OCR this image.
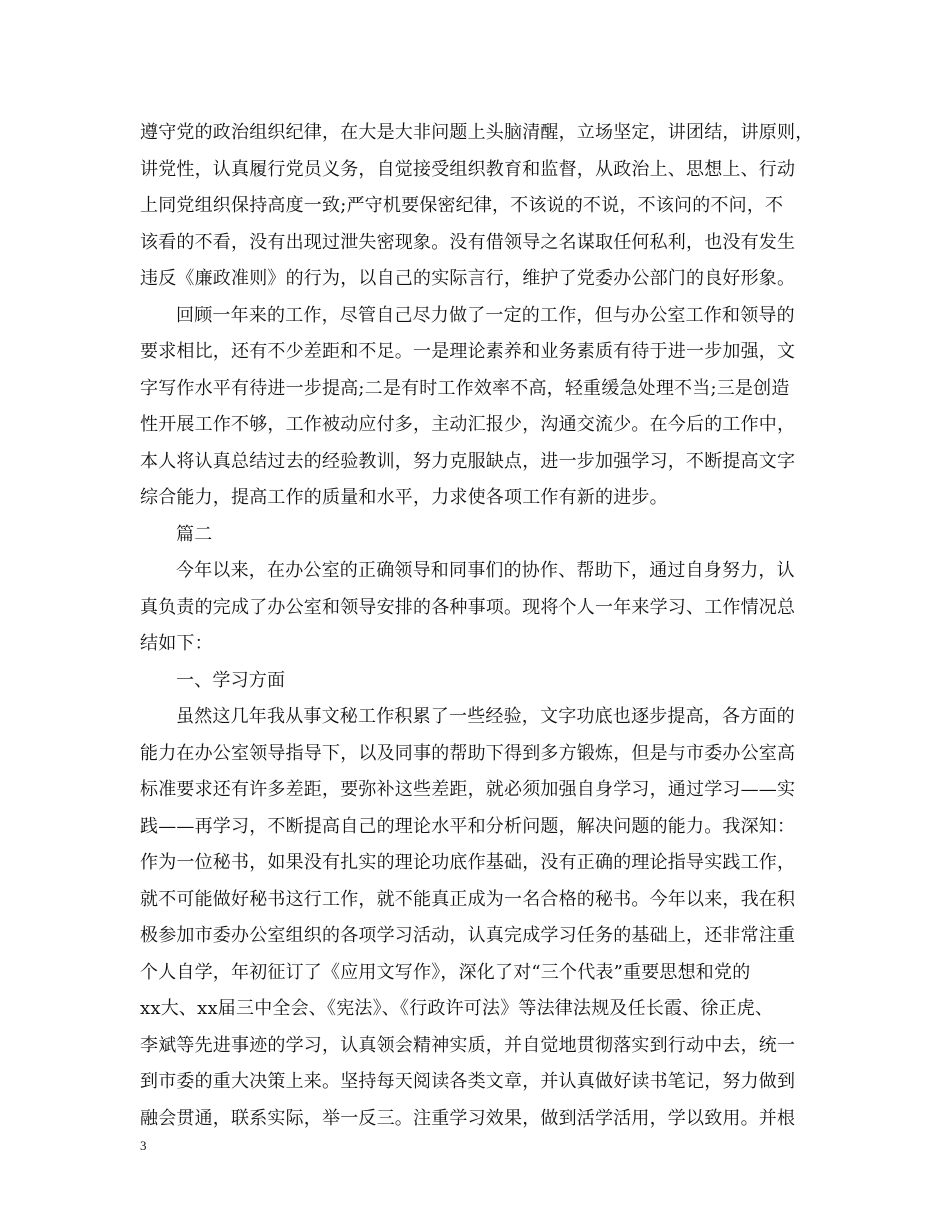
遵守党的政治组织纪律，在大是大非问题上头脑清醒，立场坚定，讲团结，讲原则，
讲党性，认真履行党员义务，自觉接受组织教育和监督，从政治上、思想上、行动
上同党组织保持高度一致;严守机要保密纪律，不该说的不说，不该问的不问，不
该看的不看，没有出现过泄失密现象。没有借领导之名谋取任何私利，也没有发生
违反《廉政准则》的行为，以自己的实际言行，维护了党委办公部门的良好形象。
回顾一年来的工作，尽管自己尽力做了一定的工作，但与办公室工作和领导的
要求相比，还有不少差距和不足。一是理论素养和业务素质有待于进一步加强，文
字写作水平有待进一步提高;二是有时工作效率不高，轻重缓急处理不当;三是创造
性开展工作不够，工作被动应付多，主动汇报少，沟通交流少。在今后的工作中，
本人将认真总结过去的经验教训，努力克服缺点，进一步加强学习，不断提高文字
综合能力，提高工作的质量和水平，力求使各项工作有新的进步。
篇二
今年以来，在办公室的正确领导和同事们的协作、帮助下，通过自身努力，认
真负责的完成了办公室和领导安排的各种事项。现将个人一年来学习、工作情况总
结如下：
一、学习方面
虽然这几年我从事文秘工作积累了一些经验，文字功底也逐步提高，各方面的
能力在办公室领导指导下，以及同事的帮助下得到多方锻炼，但是与市委办公室高
标准要求还有许多差距，要弥补这些差距，就必须加强自身学习，通过学习——实
践——再学习，不断提高自己的理论水平和分析问题，解决问题的能力。我深知：
作为一位秘书，如果没有扎实的理论功底作基础，没有正确的理论指导实践工作，
就不可能做好秘书这行工作，就不能真正成为一名合格的秘书。今年以来，我在积
极参加市委办公室组织的各项学习活动，认真完成学习任务的基础上，还非常注重
个人自学，年初征订了《应用文写作》，深化了对“三个代表”重要思想和党的
xx大、xx届三中全会、《宪法》、《行政许可法》等法律法规及任长霞、徐正虎、
李斌等先进事迹的学习，认真领会精神实质，并自觉地贯彻落实到行动中去，统一
到市委的重大决策上来。坚持每天阅读各类文章，并认真做好读书笔记，努力做到
融会贯通，联系实际，举一反三。注重学习效果，做到活学活用，学以致用。并根
3
